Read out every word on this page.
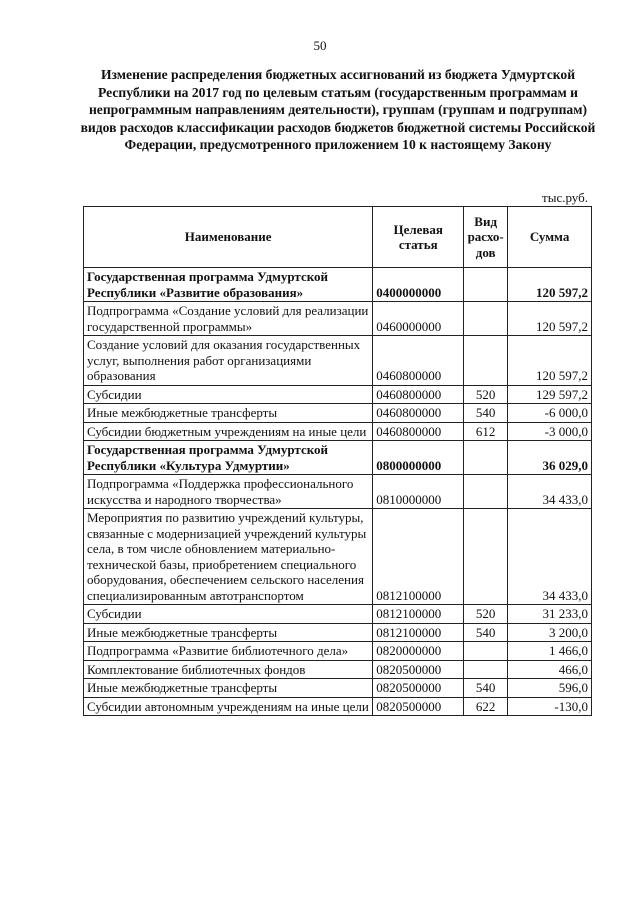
50
Изменение распределения бюджетных ассигнований из бюджета Удмуртской Республики на 2017 год по целевым статьям (государственным программам и непрограммным направлениям деятельности), группам (группам и подгруппам) видов расходов классификации расходов бюджетов бюджетной системы Российской Федерации, предусмотренного приложением 10 к настоящему Закону
тыс.руб.
Наименование	Целевая статья	Вид расхо-дов	Сумма
Государственная программа Удмуртской Республики «Развитие образования»	0400000000		120 597,2
Подпрограмма «Создание условий для реализации государственной программы»	0460000000		120 597,2
Создание условий для оказания государственных услуг, выполнения работ организациями образования	0460800000		120 597,2
Субсидии	0460800000	520	129 597,2
Иные межбюджетные трансферты	0460800000	540	-6 000,0
Субсидии бюджетным учреждениям на иные цели	0460800000	612	-3 000,0
Государственная программа Удмуртской Республики «Культура Удмуртии»	0800000000		36 029,0
Подпрограмма «Поддержка профессионального искусства и народного творчества»	0810000000		34 433,0
Мероприятия по развитию учреждений культуры, связанные с модернизацией учреждений культуры села, в том числе обновлением материально-технической базы, приобретением специального оборудования, обеспечением сельского населения специализированным автотранспортом	0812100000		34 433,0
Субсидии	0812100000	520	31 233,0
Иные межбюджетные трансферты	0812100000	540	3 200,0
Подпрограмма «Развитие библиотечного дела»	0820000000		1 466,0
Комплектование библиотечных фондов	0820500000		466,0
Иные межбюджетные трансферты	0820500000	540	596,0
Субсидии автономным учреждениям на иные цели	0820500000	622	-130,0
